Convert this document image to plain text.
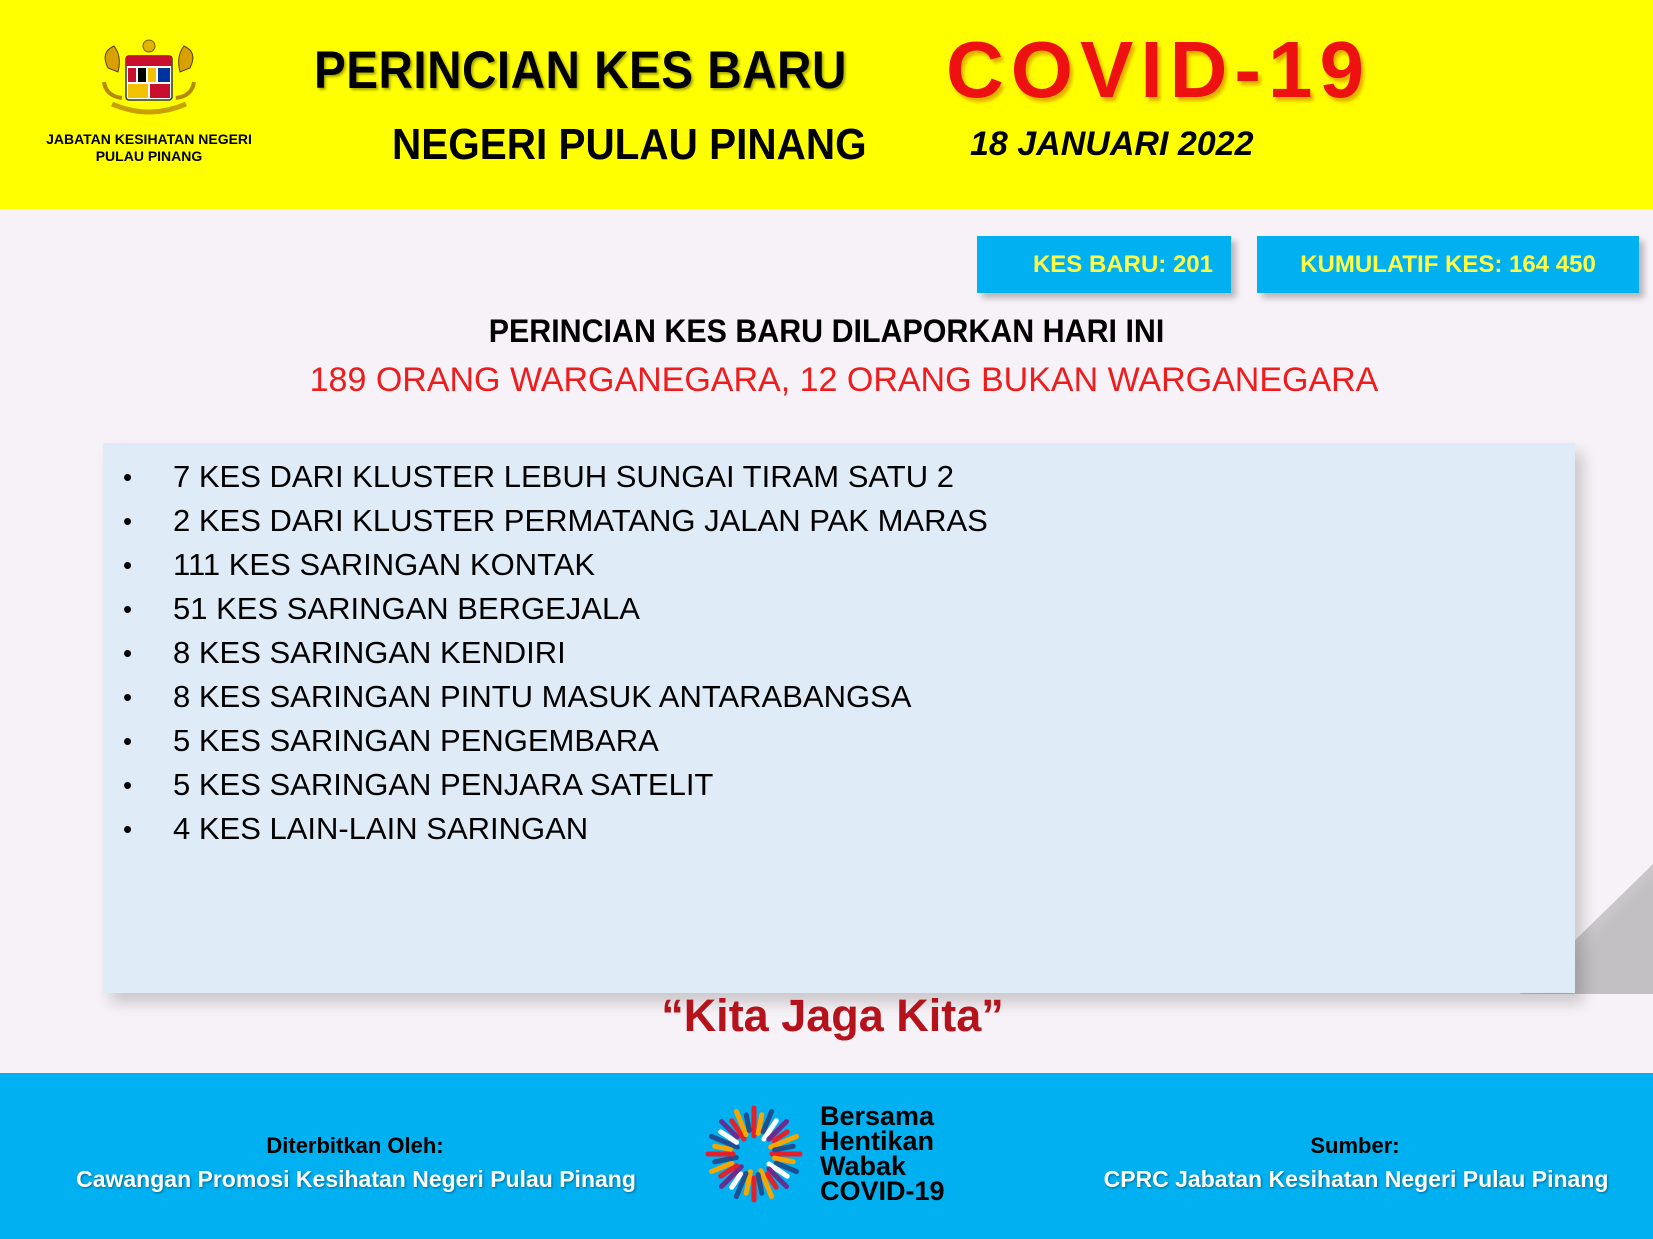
JABATAN KESIHATAN NEGERI PULAU PINANG
PERINCIAN KES BARU COVID-19
NEGERI PULAU PINANG	18 JANUARI 2022
KES BARU: 201	KUMULATIF KES: 164 450
PERINCIAN KES BARU DILAPORKAN HARI INI
189 ORANG WARGANEGARA, 12 ORANG BUKAN WARGANEGARA
•	7 KES DARI KLUSTER LEBUH SUNGAI TIRAM SATU 2
•	2 KES DARI KLUSTER PERMATANG JALAN PAK MARAS
•	111 KES SARINGAN KONTAK
•	51 KES SARINGAN BERGEJALA
•	8 KES SARINGAN KENDIRI
•	8 KES SARINGAN PINTU MASUK ANTARABANGSA
•	5 KES SARINGAN PENGEMBARA
•	5 KES SARINGAN PENJARA SATELIT
•	4 KES LAIN-LAIN SARINGAN
“Kita Jaga Kita”
Diterbitkan Oleh:
Cawangan Promosi Kesihatan Negeri Pulau Pinang
Sumber:
CPRC Jabatan Kesihatan Negeri Pulau Pinang
Bersama
Hentikan
Wabak
COVID-19
